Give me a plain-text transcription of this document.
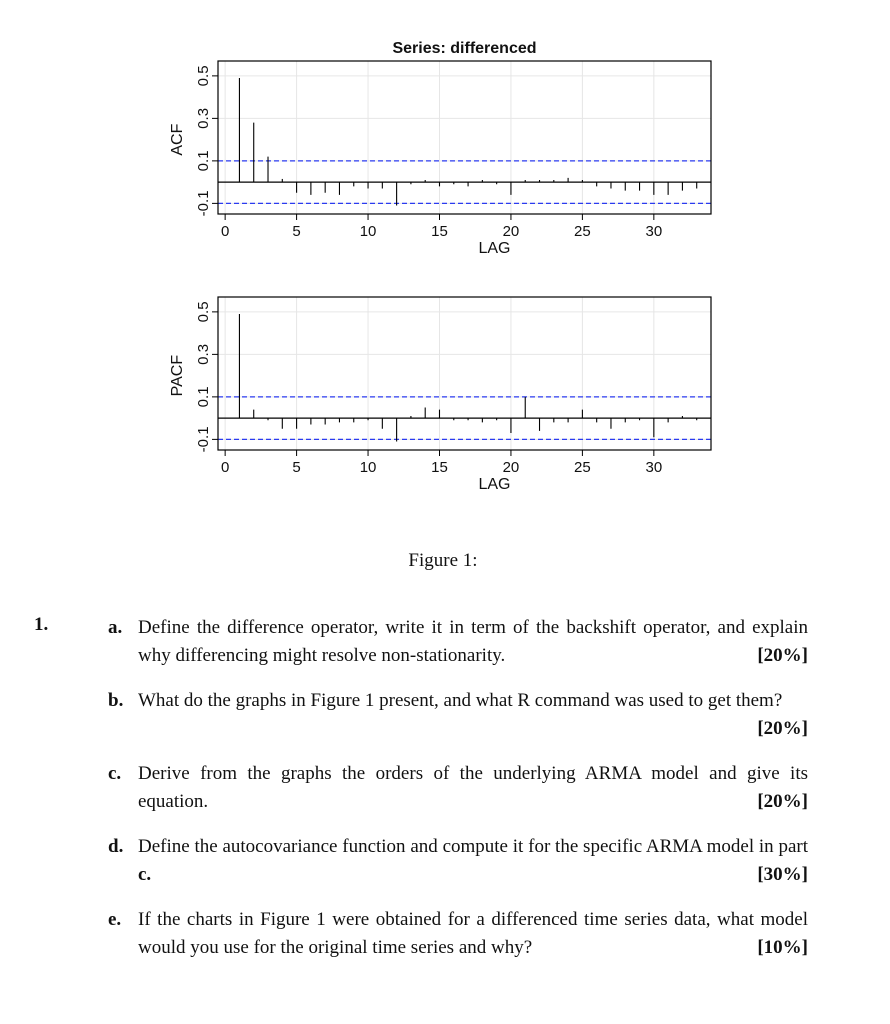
0	5	10	15	20	25	30
-0.1
0.1
0.3
0.5
LAG
ACF
Series: differenced
0	5	10	15	20	25	30
-0.1
0.1
0.3
0.5
LAG
PACF
Figure 1:
1.	a. Define the difference operator, write it in term of the backshift operator, and explain why differencing might resolve non-stationarity.	[20%]
b. What do the graphs in Figure 1 present, and what R command was used to get them?
[20%]
c. Derive from the graphs the orders of the underlying ARMA model and give its equation.	[20%]
d. Define the autocovariance function and compute it for the specific ARMA model in part c.	[30%]
e. If the charts in Figure 1 were obtained for a differenced time series data, what model would you use for the original time series and why?	[10%]
